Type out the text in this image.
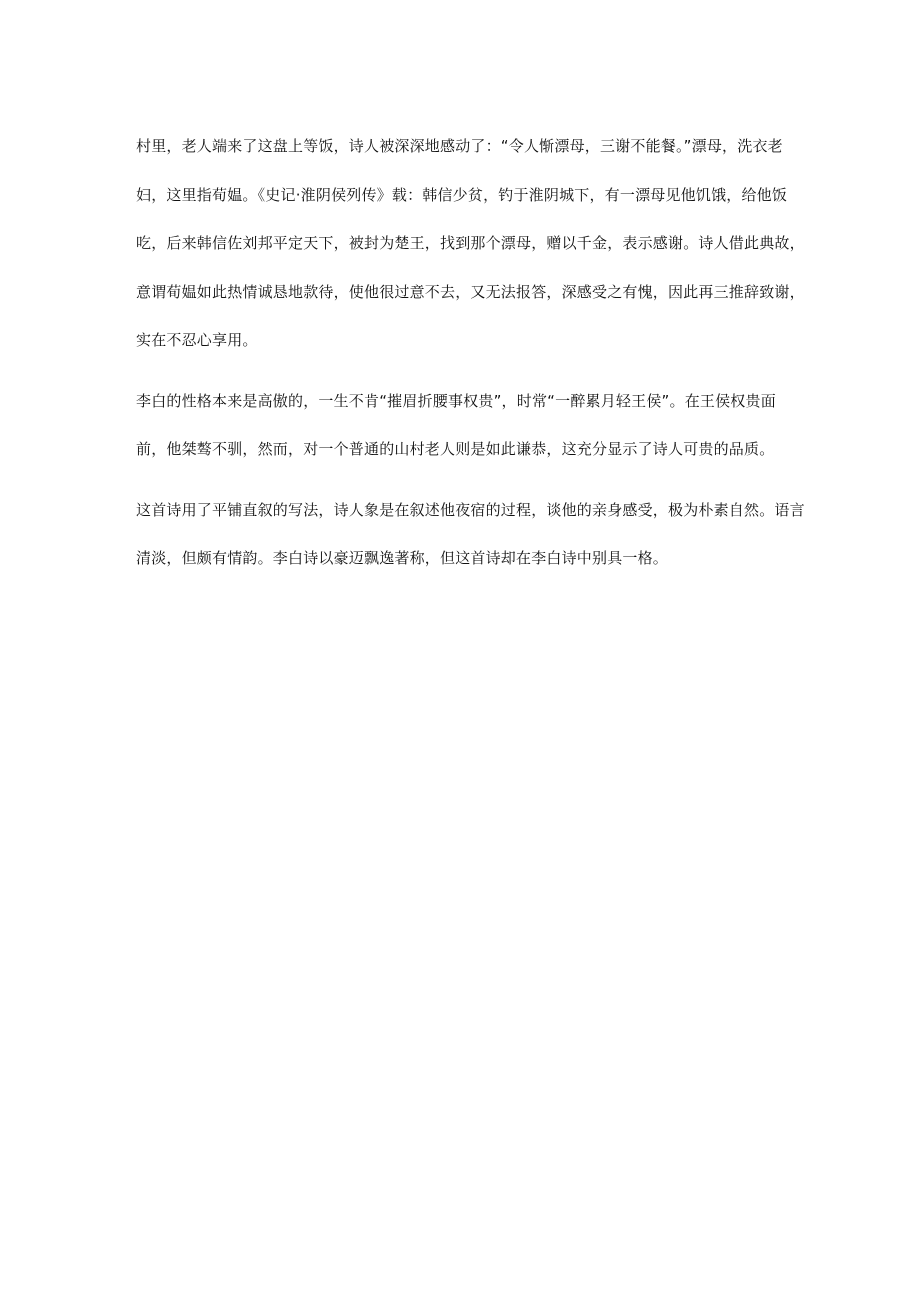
村里，老人端来了这盘上等饭，诗人被深深地感动了：“令人惭漂母，三谢不能餐。”漂母，洗衣老

妇，这里指荀媪。《史记·淮阴侯列传》载：韩信少贫，钓于淮阴城下，有一漂母见他饥饿，给他饭

吃，后来韩信佐刘邦平定天下，被封为楚王，找到那个漂母，赠以千金，表示感谢。诗人借此典故，

意谓荀媪如此热情诚恳地款待，使他很过意不去，又无法报答，深感受之有愧，因此再三推辞致谢，

实在不忍心享用。

李白的性格本来是高傲的，一生不肯“摧眉折腰事权贵”，时常“一醉累月轻王侯”。在王侯权贵面

前，他桀骜不驯，然而，对一个普通的山村老人则是如此谦恭，这充分显示了诗人可贵的品质。

这首诗用了平铺直叙的写法，诗人象是在叙述他夜宿的过程，谈他的亲身感受，极为朴素自然。语言

清淡，但颇有情韵。李白诗以豪迈飘逸著称，但这首诗却在李白诗中别具一格。
